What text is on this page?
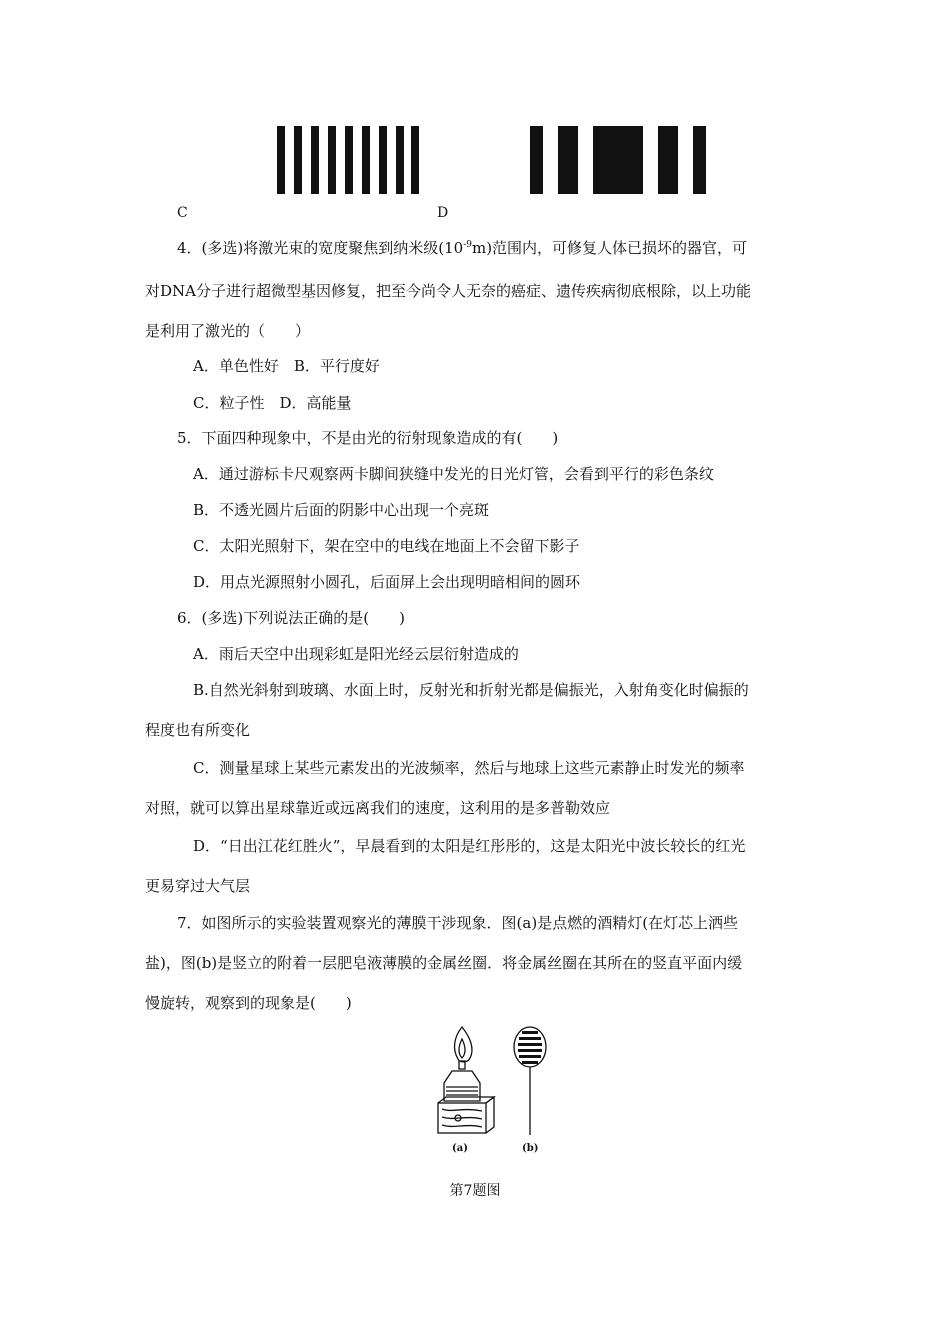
C	D
4．(多选)将激光束的宽度聚焦到纳米级$(10^{-9}m)$范围内，可修复人体已损坏的器官，可
对DNA分子进行超微型基因修复，把至今尚令人无奈的癌症、遗传疾病彻底根除，以上功能
是利用了激光的（　　）
A．单色性好　B．平行度好
C．粒子性　D．高能量
5．下面四种现象中，不是由光的衍射现象造成的有(　　)
A．通过游标卡尺观察两卡脚间狭缝中发光的日光灯管，会看到平行的彩色条纹
B．不透光圆片后面的阴影中心出现一个亮斑
C．太阳光照射下，架在空中的电线在地面上不会留下影子
D．用点光源照射小圆孔，后面屏上会出现明暗相间的圆环
6．(多选)下列说法正确的是(　　)
A．雨后天空中出现彩虹是阳光经云层衍射造成的
B.自然光斜射到玻璃、水面上时，反射光和折射光都是偏振光，入射角变化时偏振的
程度也有所变化
C．测量星球上某些元素发出的光波频率，然后与地球上这些元素静止时发光的频率
对照，就可以算出星球靠近或远离我们的速度，这利用的是多普勒效应
D．“日出江花红胜火”，早晨看到的太阳是红彤彤的，这是太阳光中波长较长的红光
更易穿过大气层
7．如图所示的实验装置观察光的薄膜干涉现象．图(a)是点燃的酒精灯(在灯芯上洒些
盐)，图(b)是竖立的附着一层肥皂液薄膜的金属丝圈．将金属丝圈在其所在的竖直平面内缓
慢旋转，观察到的现象是(　　)
(a)	(b)
第7题图
